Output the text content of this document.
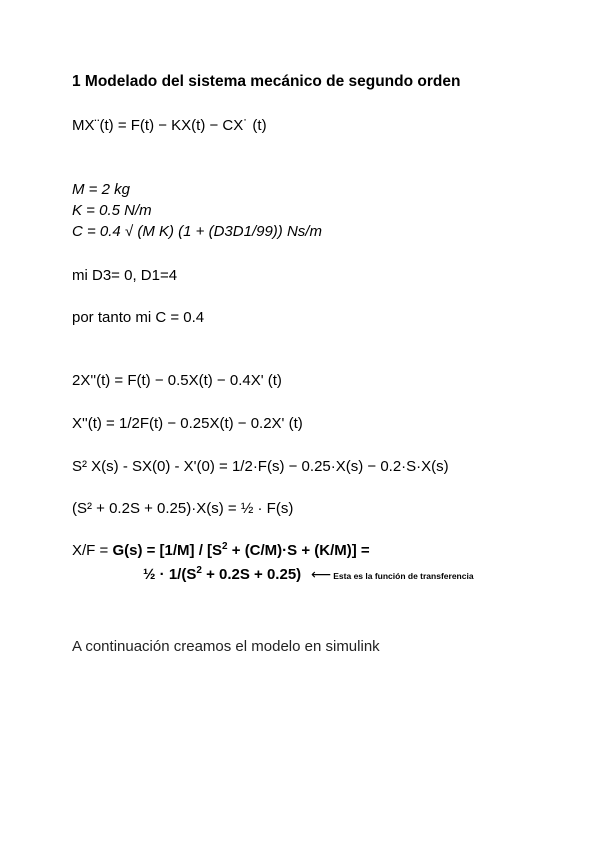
1 Modelado del sistema mecánico de segundo orden
MX¨(t) = F(t) − KX(t) − CX˙ (t)
M = 2 kg
K = 0.5 N/m
C = 0.4 √ (M K) (1 + (D3D1/99)) Ns/m
mi D3= 0, D1=4
por tanto mi C = 0.4
2X''(t) = F(t) − 0.5X(t) − 0.4X' (t)
X''(t) = 1/2F(t) − 0.25X(t) − 0.2X' (t)
S² X(s) - SX(0) - X'(0) = 1/2·F(s) − 0.25·X(s) − 0.2·S·X(s)
(S² + 0.2S + 0.25)·X(s) = ½ · F(s)
$X/F = G(s) = [1/M] / [S^2 + (C/M)\cdot S + (K/M)]$ =
½ · $1/(S^2 + 0.2S + 0.25)$ ⟵ Esta es la función de transferencia
A continuación creamos el modelo en simulink
